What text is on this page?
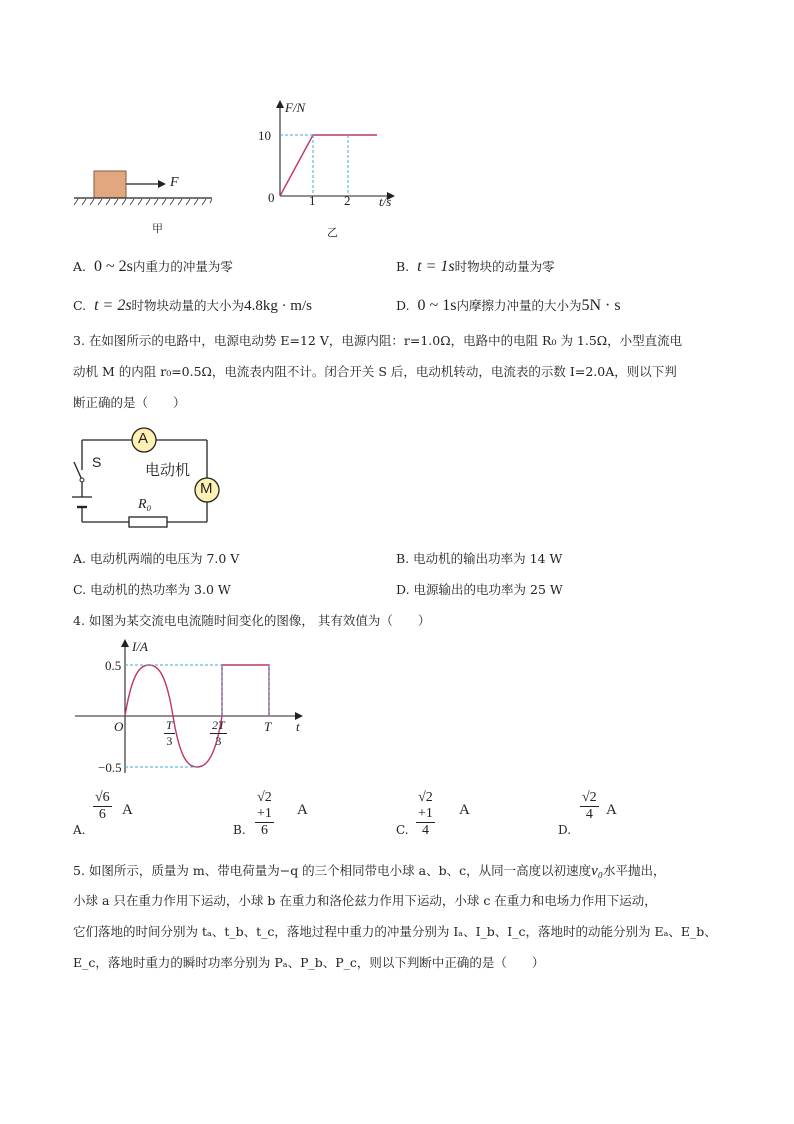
F
甲
F/N
10
0	1 2 t/s
乙
A. 0 ~ 2s内重力的冲量为零	B. t = 1s时物块的动量为零
C. t = 2s时物块动量的大小为4.8kg · m/s	D. 0 ~ 1s内摩擦力冲量的大小为5N · s
3. 在如图所示的电路中，电源电动势 E=12 V，电源内阻：r=1.0Ω，电路中的电阻 R₀ 为 1.5Ω，小型直流电
动机 M 的内阻 r₀=0.5Ω，电流表内阻不计。闭合开关 S 后，电动机转动，电流表的示数 I=2.0A，则以下判
断正确的是（　　）
A
M
S	电动机
R₀
A. 电动机两端的电压为 7.0 V	B. 电动机的输出功率为 14 W
C. 电动机的热功率为 3.0 W	D. 电源输出的电功率为 25 W
4. 如图为某交流电电流随时间变化的图像， 其有效值为（　　）
I/A
0.5
−0.5
O	t
$\frac{T}{3}$	$\frac{2T}{3}$	T
A.
$\frac{√6}{6}$ A
B. $\frac{√2 +1}{6}$ A
C. $\frac{√2 +1}{4}$ A
D.
$\frac{√2}{4}$ A
5. 如图所示，质量为 m、带电荷量为−q 的三个相同带电小球 a、b、c，从同一高度以初速度v₀水平抛出，
小球 a 只在重力作用下运动，小球 b 在重力和洛伦兹力作用下运动，小球 c 在重力和电场力作用下运动，
它们落地的时间分别为 tₐ、t_b、t_c，落地过程中重力的冲量分别为 Iₐ、I_b、I_c，落地时的动能分别为 Eₐ、E_b、
E_c，落地时重力的瞬时功率分别为 Pₐ、P_b、P_c，则以下判断中正确的是（　　）
